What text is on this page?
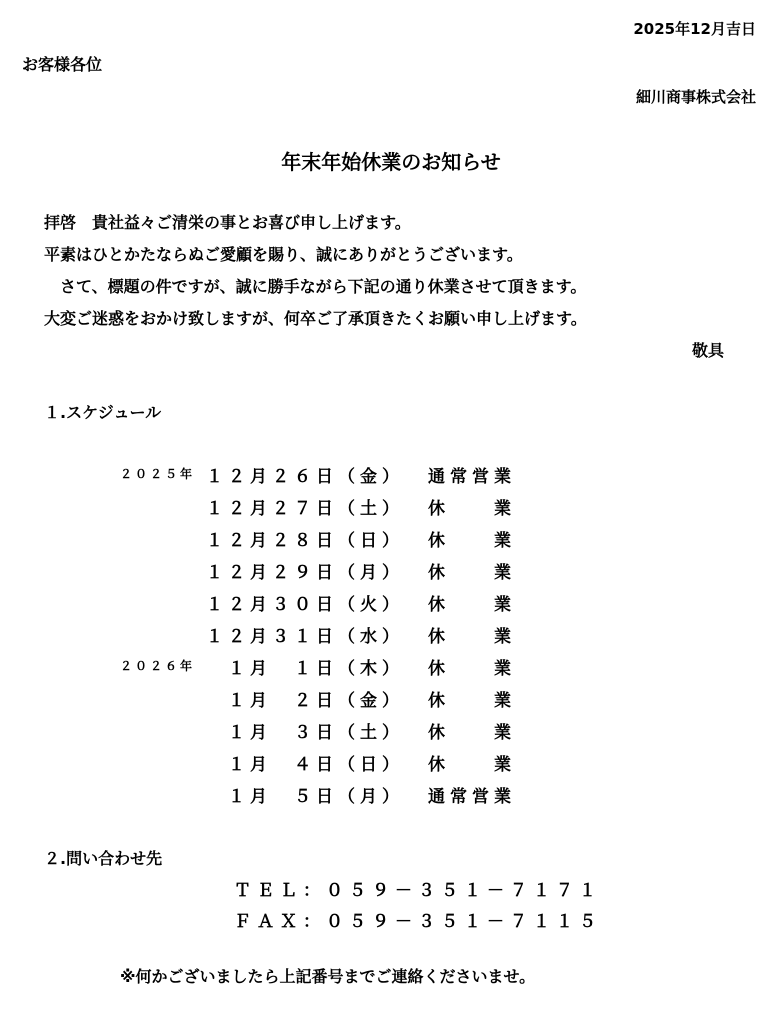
2025年12月吉日
お客様各位
細川商事株式会社
年末年始休業のお知らせ
拝啓　貴社益々ご清栄の事とお喜び申し上げます。
平素はひとかたならぬご愛顧を賜り、誠にありがとうございます。
　さて、標題の件ですが、誠に勝手ながら下記の通り休業させて頂きます。
大変ご迷惑をおかけ致しますが、何卒ご了承頂きたくお願い申し上げます。
敬具
１.スケジュール
２０２５年
２０２６年
１２月２６日（金） 通常営業
１２月２７日（土） 休　　業
１２月２８日（日） 休　　業
１２月２９日（月） 休　　業
１２月３０日（火） 休　　業
１２月３１日（水） 休　　業
１月　１日（木） 休　　業
１月　２日（金） 休　　業
１月　３日（土） 休　　業
１月　４日（日） 休　　業
１月　５日（月） 通常営業
２.問い合わせ先
ＴＥＬ：０５９－３５１－７１７１
ＦＡＸ：０５９－３５１－７１１５
※何かございましたら上記番号までご連絡くださいませ。
